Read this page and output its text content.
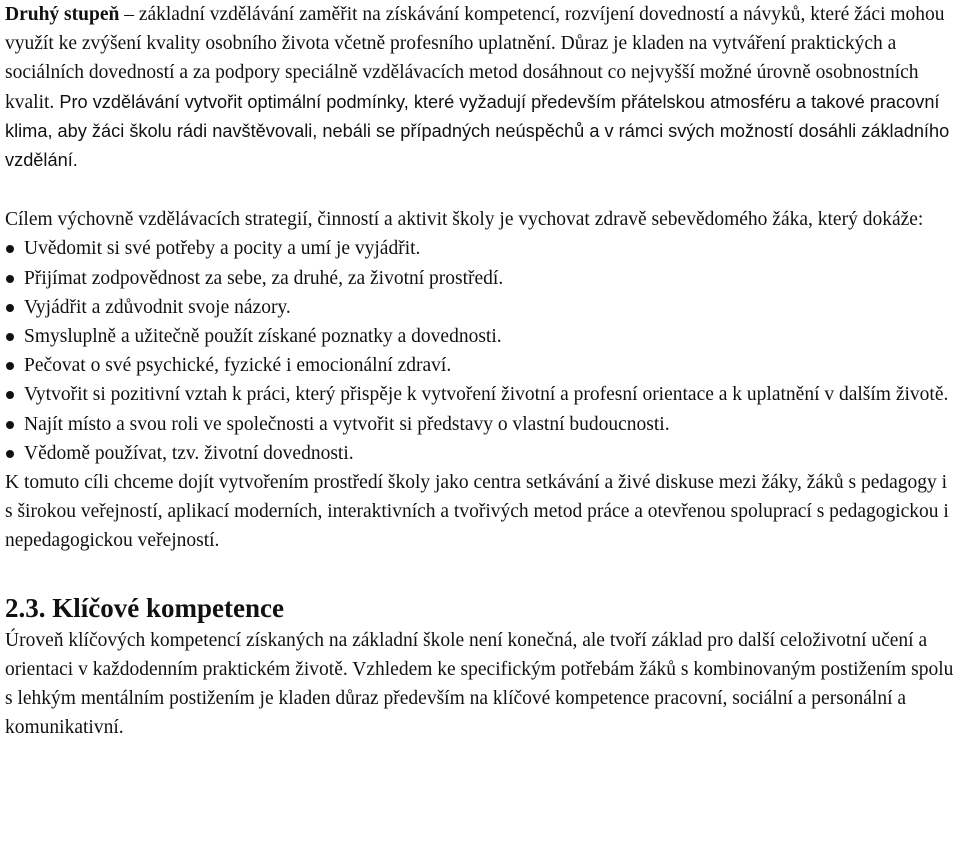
Druhý stupeň – základní vzdělávání zaměřit na získávání kompetencí, rozvíjení dovedností a návyků, které žáci mohou využít ke zvýšení kvality osobního života včetně profesního uplatnění. Důraz je kladen na vytváření praktických a sociálních dovedností a za podpory speciálně vzdělávacích metod dosáhnout co nejvyšší možné úrovně osobnostních kvalit. Pro vzdělávání vytvořit optimální podmínky, které vyžadují především přátelskou atmosféru a takové pracovní klima, aby žáci školu rádi navštěvovali, nebáli se případných neúspěchů a v rámci svých možností dosáhli základního vzdělání.

Cílem výchovně vzdělávacích strategií, činností a aktivit školy je vychovat zdravě sebevědomého žáka, který dokáže:

Uvědomit si své potřeby a pocity a umí je vyjádřit.
Přijímat zodpovědnost za sebe, za druhé, za životní prostředí.
Vyjádřit a zdůvodnit svoje názory.
Smysluplně a užitečně použít získané poznatky a dovednosti.
Pečovat o své psychické, fyzické i emocionální zdraví.
Vytvořit si pozitivní vztah k práci, který přispěje k vytvoření životní a profesní orientace a k uplatnění v dalším životě.
Najít místo a svou roli ve společnosti a vytvořit si představy o vlastní budoucnosti.
Vědomě používat, tzv. životní dovednosti.

K tomuto cíli chceme dojít vytvořením prostředí školy jako centra setkávání a živé diskuse mezi žáky, žáků s pedagogy i s širokou veřejností, aplikací moderních, interaktivních a tvořivých metod práce a otevřenou spoluprací s pedagogickou i nepedagogickou veřejností.

2.3. Klíčové kompetence

Úroveň klíčových kompetencí získaných na základní škole není konečná, ale tvoří základ pro další celoživotní učení a orientaci v každodenním praktickém životě. Vzhledem ke specifickým potřebám žáků s kombinovaným postižením spolu s lehkým mentálním postižením je kladen důraz především na klíčové kompetence pracovní, sociální a personální a komunikativní.
